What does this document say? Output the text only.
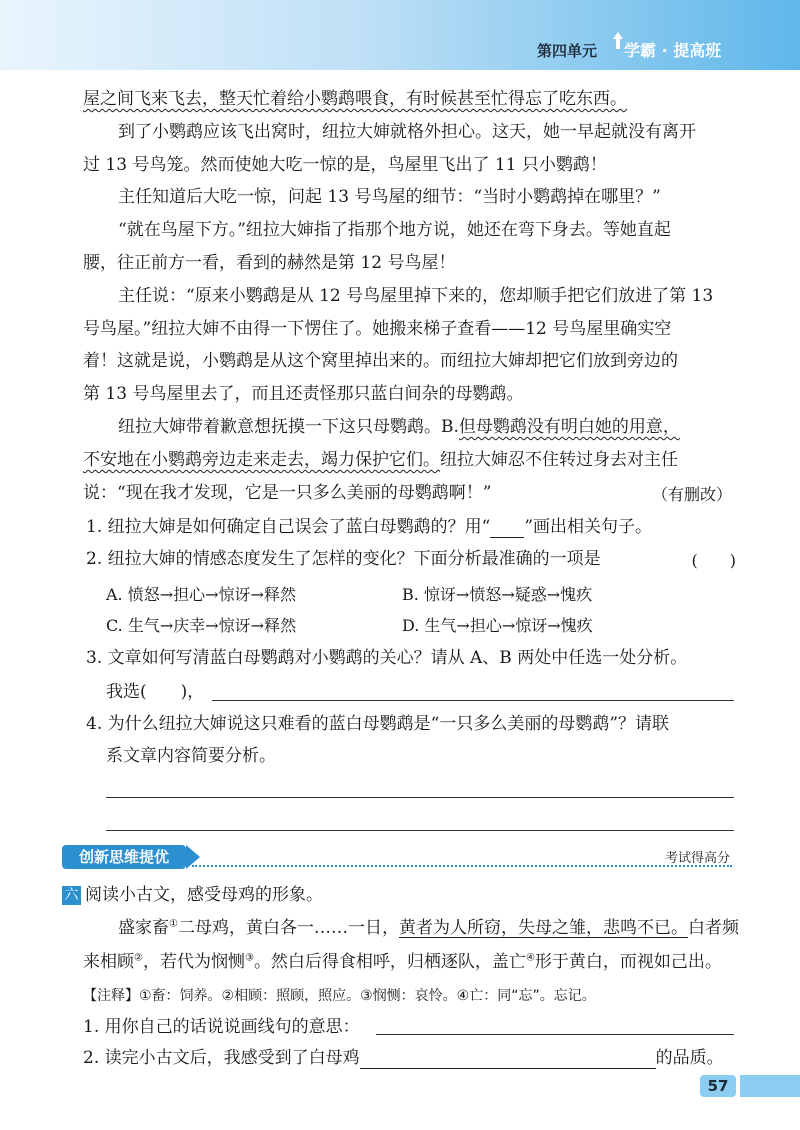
第四单元 学霸 · 提高班
屋之间飞来飞去，整天忙着给小鹦鹉喂食，有时候甚至忙得忘了吃东西。
到了小鹦鹉应该飞出窝时，纽拉大婶就格外担心。这天，她一早起就没有离开
过 13 号鸟笼。然而使她大吃一惊的是，鸟屋里飞出了 11 只小鹦鹉！
主任知道后大吃一惊，问起 13 号鸟屋的细节：“当时小鹦鹉掉在哪里？”
“就在鸟屋下方。”纽拉大婶指了指那个地方说，她还在弯下身去。等她直起
腰，往正前方一看，看到的赫然是第 12 号鸟屋！
主任说：“原来小鹦鹉是从 12 号鸟屋里掉下来的，您却顺手把它们放进了第 13
号鸟屋。”纽拉大婶不由得一下愣住了。她搬来梯子查看——12 号鸟屋里确实空
着！这就是说，小鹦鹉是从这个窝里掉出来的。而纽拉大婶却把它们放到旁边的
第 13 号鸟屋里去了，而且还责怪那只蓝白间杂的母鹦鹉。
纽拉大婶带着歉意想抚摸一下这只母鹦鹉。B.但母鹦鹉没有明白她的用意，
不安地在小鹦鹉旁边走来走去，竭力保护它们。纽拉大婶忍不住转过身去对主任
说：“现在我才发现，它是一只多么美丽的母鹦鹉啊！”	（有删改）
1. 纽拉大婶是如何确定自己误会了蓝白母鹦鹉的？用“ ”画出相关句子。
2. 纽拉大婶的情感态度发生了怎样的变化？下面分析最准确的一项是	(　　)
A. 愤怒→担心→惊讶→释然	B. 惊讶→愤怒→疑惑→愧疚
C. 生气→庆幸→惊讶→释然	D. 生气→担心→惊讶→愧疚
3. 文章如何写清蓝白母鹦鹉对小鹦鹉的关心？请从 A、B 两处中任选一处分析。
我选(　　)，
4. 为什么纽拉大婶说这只难看的蓝白母鹦鹉是“一只多么美丽的母鹦鹉”？请联
系文章内容简要分析。
创新思维提优	考试得高分
六 阅读小古文，感受母鸡的形象。
盛家畜①二母鸡，黄白各一……一日，黄者为人所窃，失母之雏，悲鸣不已。白者频
来相顾②，若代为悯恻③。然白后得食相呼，归栖逐队，盖亡④形于黄白，而视如己出。
【注释】①畜：饲养。②相顾：照顾，照应。③悯恻：哀怜。④亡：同“忘”。忘记。
1. 用你自己的话说说画线句的意思：
2. 读完小古文后，我感受到了白母鸡	的品质。
57
